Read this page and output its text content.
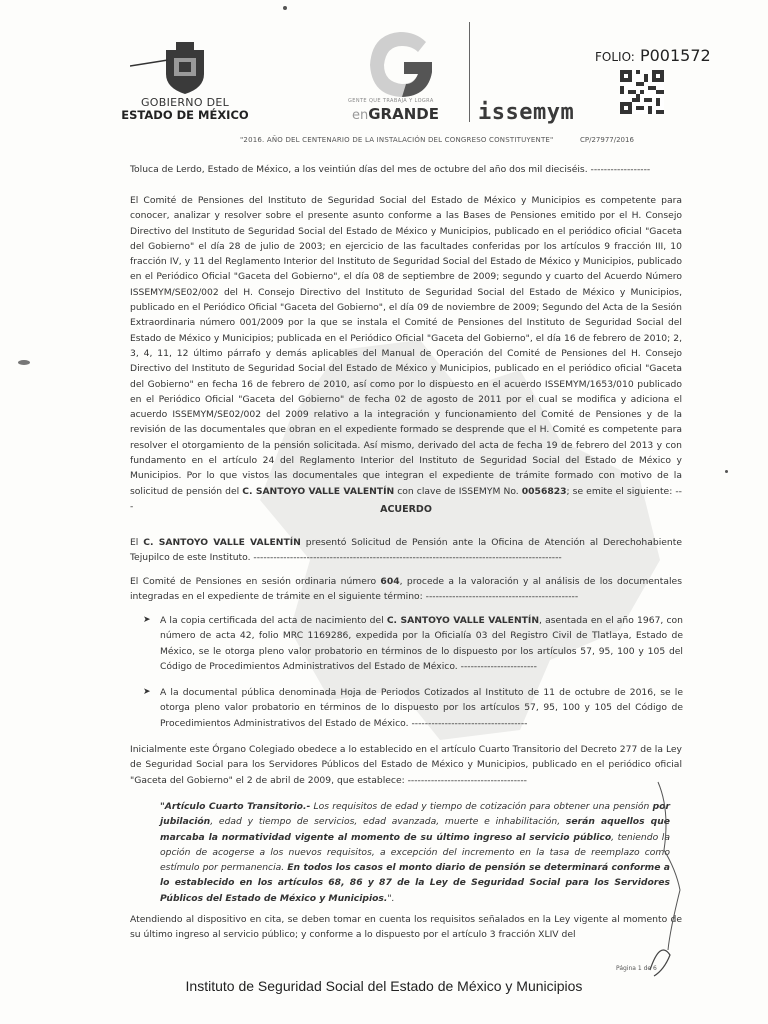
GOBIERNO DEL
ESTADO DE MÉXICO
GENTE QUE TRABAJA Y LOGRA
enGRANDE issemym
FOLIO: P001572
"2016. AÑO DEL CENTENARIO DE LA INSTALACIÓN DEL CONGRESO CONSTITUYENTE"	CP/27977/2016
Toluca de Lerdo, Estado de México, a los veintiún días del mes de octubre del año dos mil dieciséis. ------------------
El Comité de Pensiones del Instituto de Seguridad Social del Estado de México y Municipios es competente para conocer, analizar y resolver sobre el presente asunto conforme a las Bases de Pensiones emitido por el H. Consejo Directivo del Instituto de Seguridad Social del Estado de México y Municipios, publicado en el periódico oficial "Gaceta del Gobierno" el día 28 de julio de 2003; en ejercicio de las facultades conferidas por los artículos 9 fracción III, 10 fracción IV, y 11 del Reglamento Interior del Instituto de Seguridad Social del Estado de México y Municipios, publicado en el Periódico Oficial "Gaceta del Gobierno", el día 08 de septiembre de 2009; segundo y cuarto del Acuerdo Número ISSEMYM/SE02/002 del H. Consejo Directivo del Instituto de Seguridad Social del Estado de México y Municipios, publicado en el Periódico Oficial "Gaceta del Gobierno", el día 09 de noviembre de 2009; Segundo del Acta de la Sesión Extraordinaria número 001/2009 por la que se instala el Comité de Pensiones del Instituto de Seguridad Social del Estado de México y Municipios; publicada en el Periódico Oficial "Gaceta del Gobierno", el día 16 de febrero de 2010; 2, 3, 4, 11, 12 último párrafo y demás aplicables del Manual de Operación del Comité de Pensiones del H. Consejo Directivo del Instituto de Seguridad Social del Estado de México y Municipios, publicado en el periódico oficial "Gaceta del Gobierno" en fecha 16 de febrero de 2010, así como por lo dispuesto en el acuerdo ISSEMYM/1653/010 publicado en el Periódico Oficial "Gaceta del Gobierno" de fecha 02 de agosto de 2011 por el cual se modifica y adiciona el acuerdo ISSEMYM/SE02/002 del 2009 relativo a la integración y funcionamiento del Comité de Pensiones y de la revisión de las documentales que obran en el expediente formado se desprende que el H. Comité es competente para resolver el otorgamiento de la pensión solicitada. Así mismo, derivado del acta de fecha 19 de febrero del 2013 y con fundamento en el artículo 24 del Reglamento Interior del Instituto de Seguridad Social del Estado de México y Municipios. Por lo que vistos las documentales que integran el expediente de trámite formado con motivo de la solicitud de pensión del C. SANTOYO VALLE VALENTÍN con clave de ISSEMYM No. 0056823; se emite el siguiente: ---	ACUERDO
El C. SANTOYO VALLE VALENTÍN presentó Solicitud de Pensión ante la Oficina de Atención al Derechohabiente Tejupilco de este Instituto. ---------------------------------------------------------------------------------------------
El Comité de Pensiones en sesión ordinaria número 604, procede a la valoración y al análisis de los documentales integradas en el expediente de trámite en el siguiente término: ----------------------------------------------
➤ A la copia certificada del acta de nacimiento del C. SANTOYO VALLE VALENTÍN, asentada en el año 1967, con número de acta 42, folio MRC 1169286, expedida por la Oficialía 03 del Registro Civil de Tlatlaya, Estado de México, se le otorga pleno valor probatorio en términos de lo dispuesto por los artículos 57, 95, 100 y 105 del Código de Procedimientos Administrativos del Estado de México. -----------------------
➤ A la documental pública denominada Hoja de Periodos Cotizados al Instituto de 11 de octubre de 2016, se le otorga pleno valor probatorio en términos de lo dispuesto por los artículos 57, 95, 100 y 105 del Código de Procedimientos Administrativos del Estado de México. -----------------------------------
Inicialmente este Órgano Colegiado obedece a lo establecido en el artículo Cuarto Transitorio del Decreto 277 de la Ley de Seguridad Social para los Servidores Públicos del Estado de México y Municipios, publicado en el periódico oficial "Gaceta del Gobierno" el 2 de abril de 2009, que establece: ------------------------------------
"Artículo Cuarto Transitorio.- Los requisitos de edad y tiempo de cotización para obtener una pensión por jubilación, edad y tiempo de servicios, edad avanzada, muerte e inhabilitación, serán aquellos que marcaba la normatividad vigente al momento de su último ingreso al servicio público, teniendo la opción de acogerse a los nuevos requisitos, a excepción del incremento en la tasa de reemplazo como estímulo por permanencia. En todos los casos el monto diario de pensión se determinará conforme a lo establecido en los artículos 68, 86 y 87 de la Ley de Seguridad Social para los Servidores Públicos del Estado de México y Municipios.".
Atendiendo al dispositivo en cita, se deben tomar en cuenta los requisitos señalados en la Ley vigente al momento de su último ingreso al servicio público; y conforme a lo dispuesto por el artículo 3 fracción XLIV del
Página 1 de 6
Instituto de Seguridad Social del Estado de México y Municipios
